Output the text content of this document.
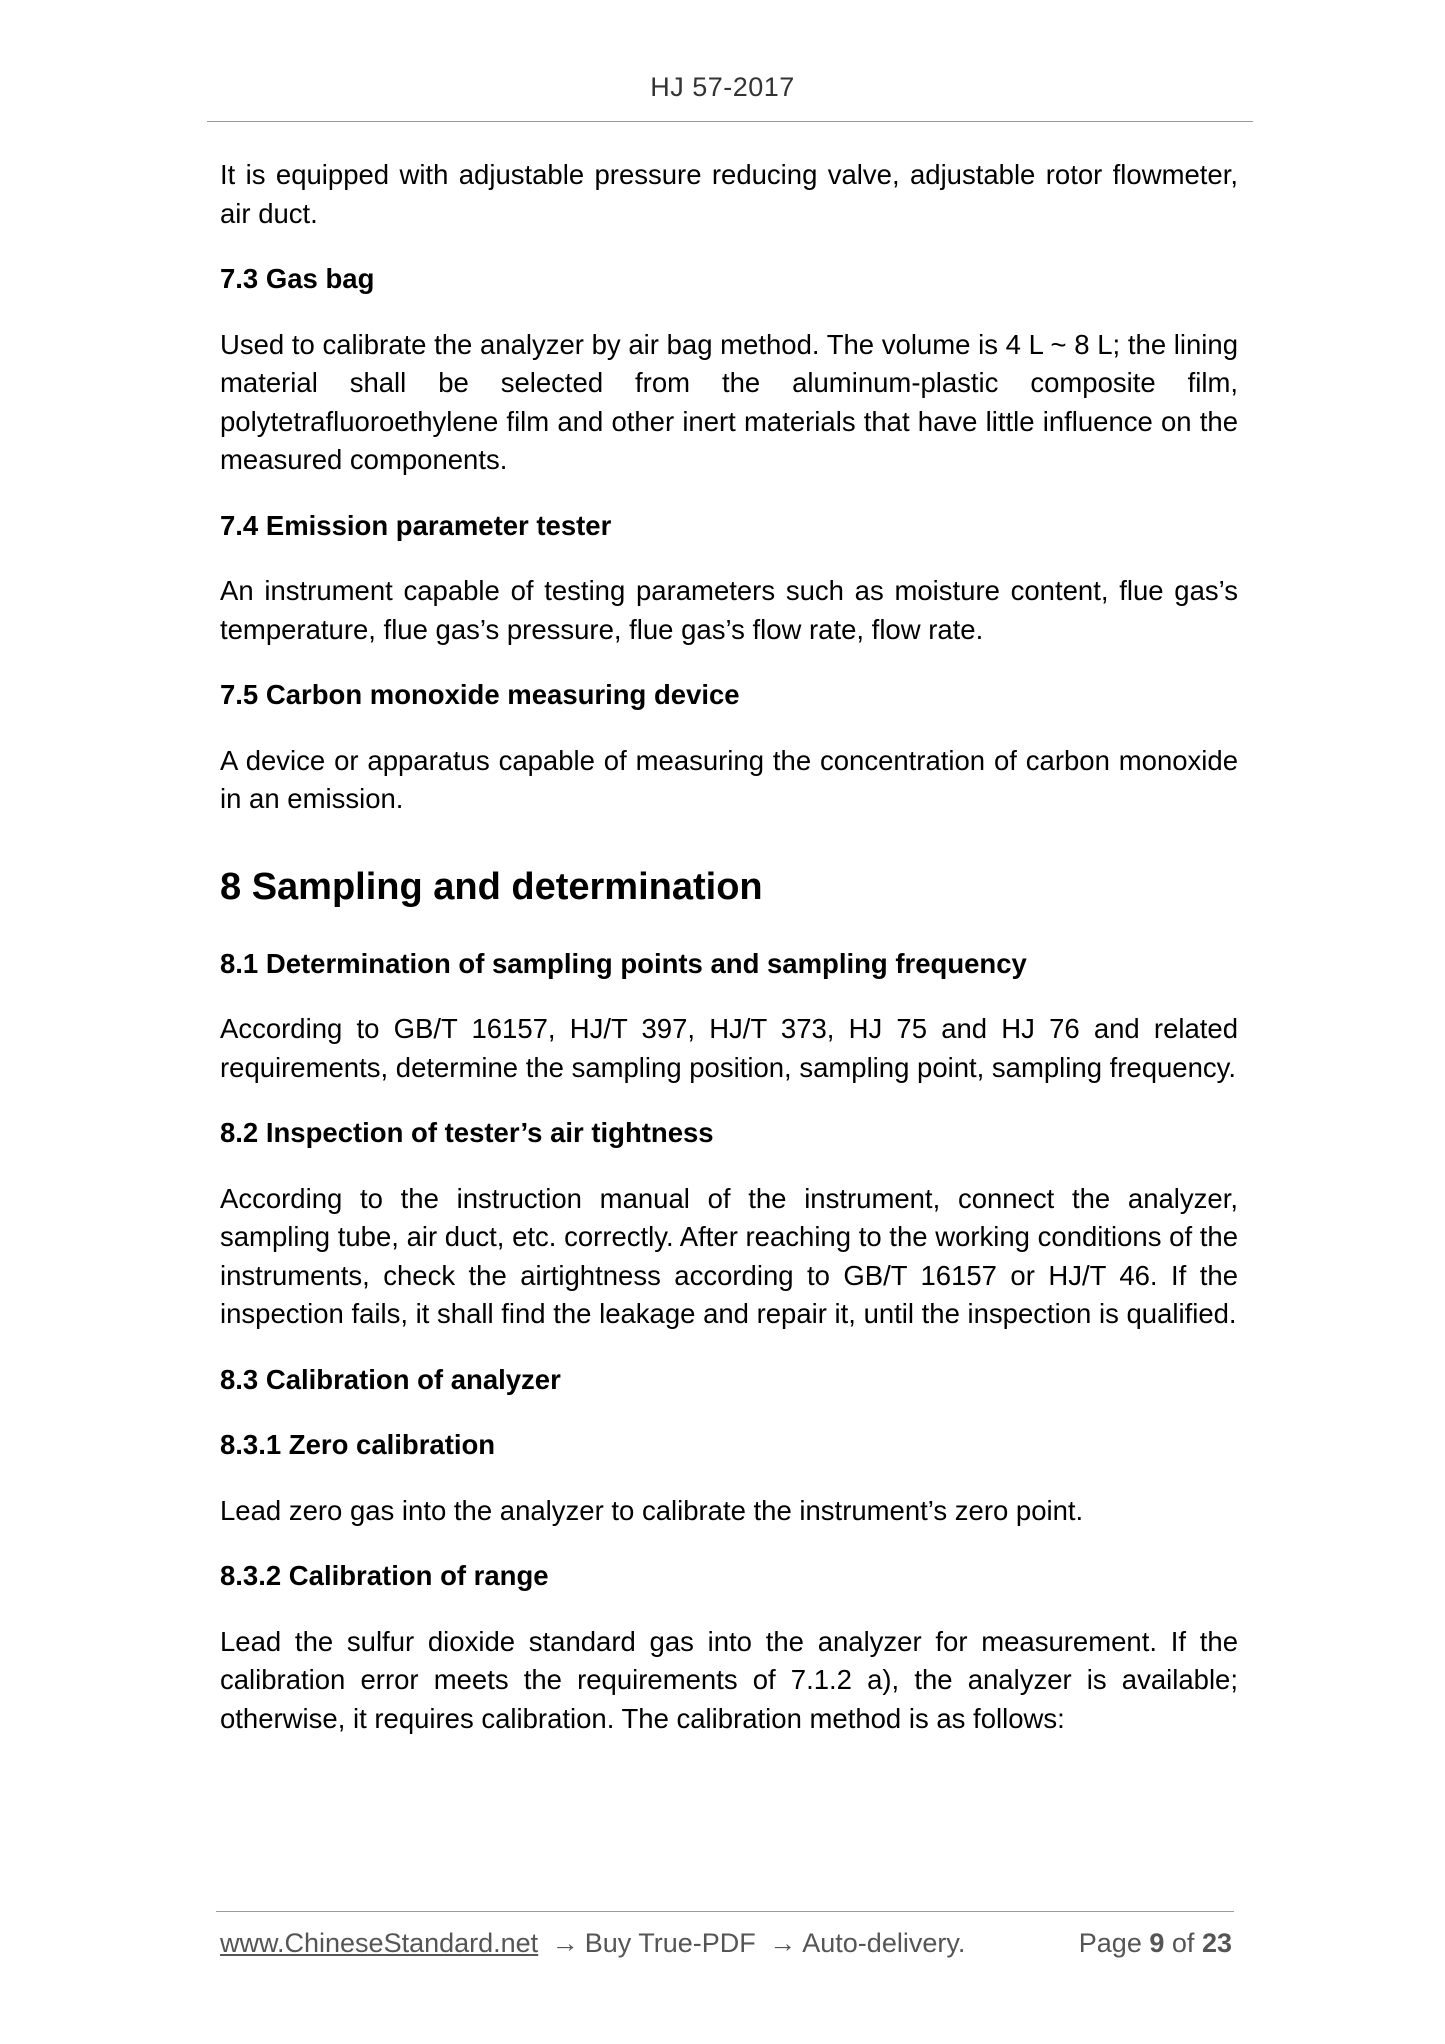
HJ 57-2017

It is equipped with adjustable pressure reducing valve, adjustable rotor flowmeter, air duct.

7.3 Gas bag

Used to calibrate the analyzer by air bag method. The volume is 4 L ~ 8 L; the lining material shall be selected from the aluminum-plastic composite film, polytetrafluoroethylene film and other inert materials that have little influence on the measured components.

7.4 Emission parameter tester

An instrument capable of testing parameters such as moisture content, flue gas’s temperature, flue gas’s pressure, flue gas’s flow rate, flow rate.

7.5 Carbon monoxide measuring device

A device or apparatus capable of measuring the concentration of carbon monoxide in an emission.

8 Sampling and determination
8.1 Determination of sampling points and sampling frequency

According to GB/T 16157, HJ/T 397, HJ/T 373, HJ 75 and HJ 76 and related requirements, determine the sampling position, sampling point, sampling frequency.

8.2 Inspection of tester’s air tightness

According to the instruction manual of the instrument, connect the analyzer, sampling tube, air duct, etc. correctly. After reaching to the working conditions of the instruments, check the airtightness according to GB/T 16157 or HJ/T 46. If the inspection fails, it shall find the leakage and repair it, until the inspection is qualified.

8.3 Calibration of analyzer
8.3.1 Zero calibration

Lead zero gas into the analyzer to calibrate the instrument’s zero point.

8.3.2 Calibration of range

Lead the sulfur dioxide standard gas into the analyzer for measurement. If the calibration error meets the requirements of 7.1.2 a), the analyzer is available; otherwise, it requires calibration. The calibration method is as follows:

www.ChineseStandard.net → Buy True-PDF → Auto-delivery.	Page 9 of 23
